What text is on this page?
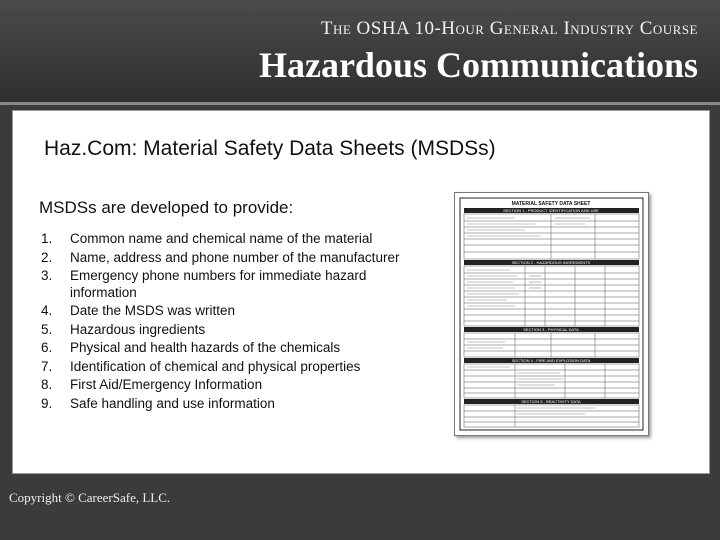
The OSHA 10-Hour General Industry Course
Hazardous Communications
Haz.Com: Material Safety Data Sheets (MSDSs)
MSDSs are developed to provide:
1. Common name and chemical name of the material
2. Name, address and phone number of the manufacturer
3. Emergency phone numbers for immediate hazard information
4. Date the MSDS was written
5. Hazardous ingredients
6. Physical and health hazards of the chemicals
7. Identification of chemical and physical properties
8. First Aid/Emergency Information
9. Safe handling and use information
MATERIAL SAFETY DATA SHEET
SECTION 1 - PRODUCT IDENTIFICATION AND USE
SECTION 2 - HAZARDOUS INGREDIENTS
SECTION 3 - PHYSICAL DATA
SECTION 4 - FIRE AND EXPLOSION DATA
SECTION 5 - REACTIVITY DATA
Copyright © CareerSafe, LLC.
